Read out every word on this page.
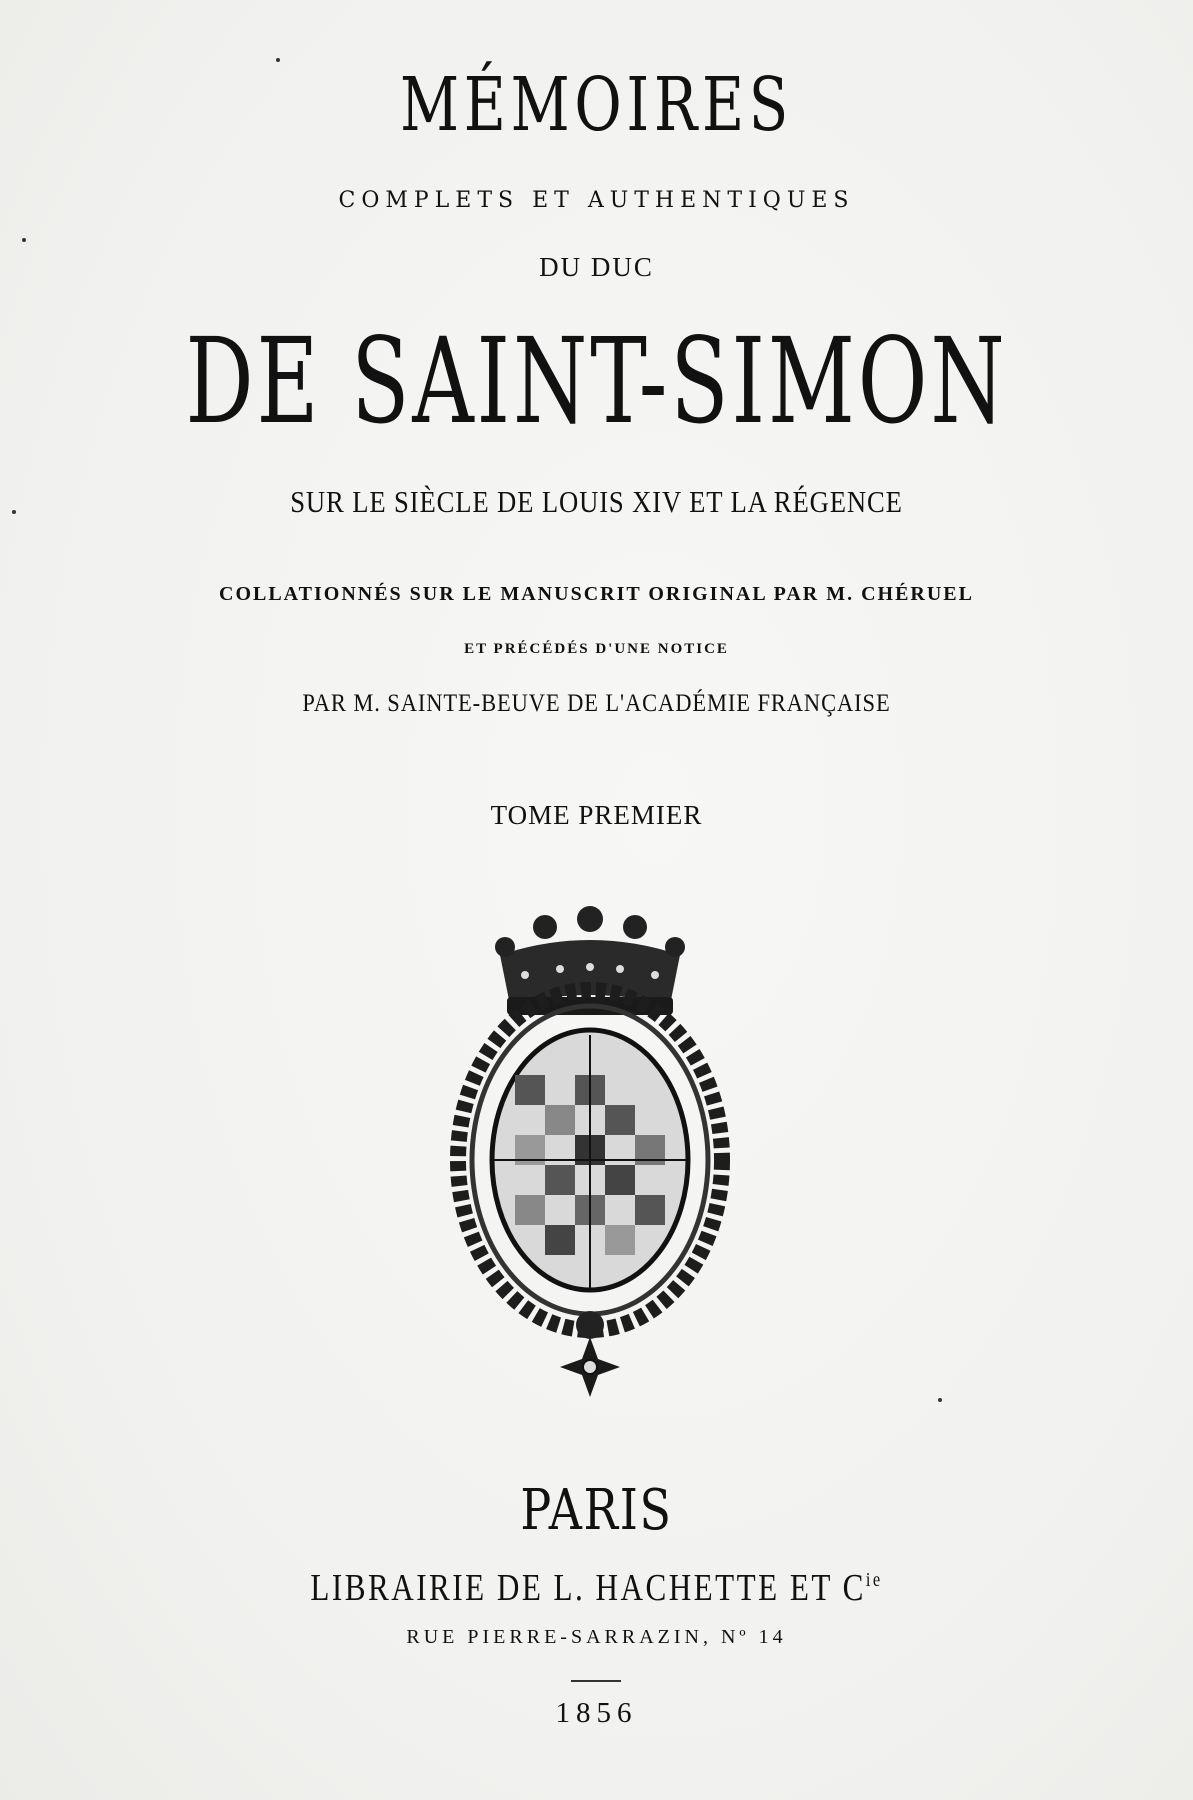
MÉMOIRES
COMPLETS ET AUTHENTIQUES
DU DUC
DE SAINT-SIMON
SUR LE SIÈCLE DE LOUIS XIV ET LA RÉGENCE
COLLATIONNÉS SUR LE MANUSCRIT ORIGINAL PAR M. CHÉRUEL
ET PRÉCÉDÉS D'UNE NOTICE
PAR M. SAINTE-BEUVE DE L'ACADÉMIE FRANÇAISE
TOME PREMIER
PARIS
LIBRAIRIE DE L. HACHETTE ET $C^{ie}$
RUE PIERRE-SARRAZIN, Nº 14
1856
